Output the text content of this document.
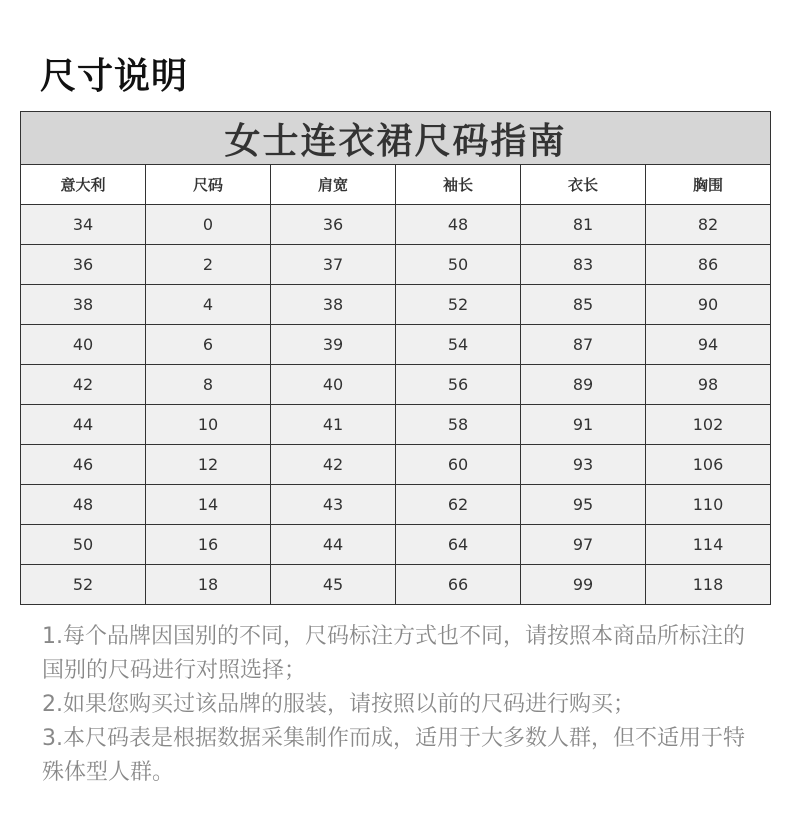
尺寸说明
女士连衣裙尺码指南					
意大利	尺码	肩宽	袖长	衣长	胸围
34	0	36	48	81	82
36	2	37	50	83	86
38	4	38	52	85	90
40	6	39	54	87	94
42	8	40	56	89	98
44	10	41	58	91	102
46	12	42	60	93	106
48	14	43	62	95	110
50	16	44	64	97	114
52	18	45	66	99	118

1.每个品牌因国别的不同，尺码标注方式也不同，请按照本商品所标注的国别的尺码进行对照选择；

2.如果您购买过该品牌的服装，请按照以前的尺码进行购买；

3.本尺码表是根据数据采集制作而成，适用于大多数人群，但不适用于特殊体型人群。
